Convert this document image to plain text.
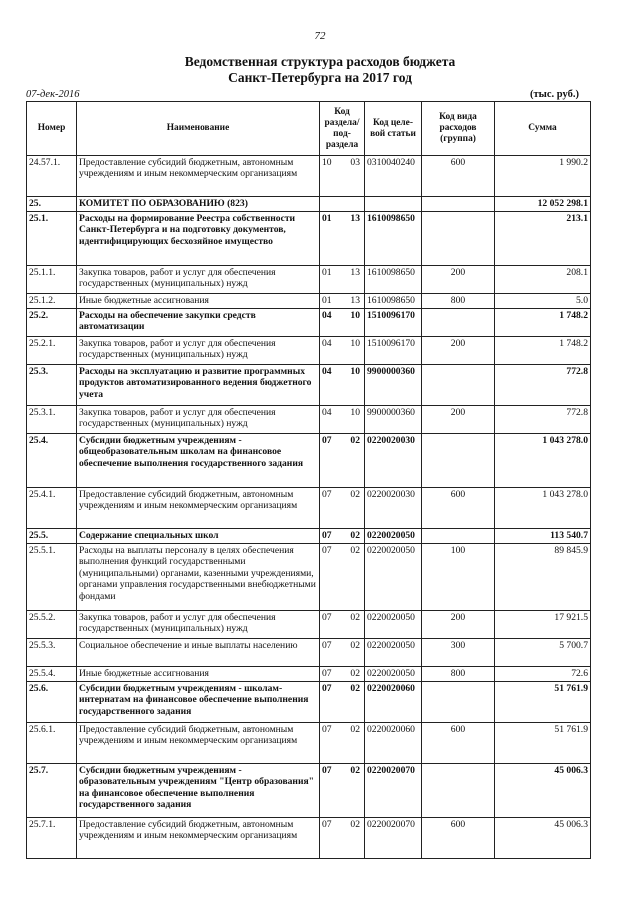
72
Ведомственная структура расходов бюджета
Санкт-Петербурга на 2017 год
07-дек-2016	(тыс. руб.)
Номер	Наименование	Код раздела/ под- раздела	Код целе- вой статьи	Код вида расходов (группа)	Сумма
24.57.1.	Предоставление субсидий бюджетным, автономным учреждениям и иным некоммерческим организациям	10 03	0310040240	600	1 990.2
25.	КОМИТЕТ ПО ОБРАЗОВАНИЮ (823)				12 052 298.1
25.1.	Расходы на формирование Реестра собственности Санкт-Петербурга и на подготовку документов, идентифицирующих бесхозяйное имущество	01 13	1610098650		213.1
25.1.1.	Закупка товаров, работ и услуг для обеспечения государственных (муниципальных) нужд	01 13	1610098650	200	208.1
25.1.2.	Иные бюджетные ассигнования	01 13	1610098650	800	5.0
25.2.	Расходы на обеспечение закупки средств автоматизации	04 10	1510096170		1 748.2
25.2.1.	Закупка товаров, работ и услуг для обеспечения государственных (муниципальных) нужд	04 10	1510096170	200	1 748.2
25.3.	Расходы на эксплуатацию и развитие программных продуктов автоматизированного ведения бюджетного учета	04 10	9900000360		772.8
25.3.1.	Закупка товаров, работ и услуг для обеспечения государственных (муниципальных) нужд	04 10	9900000360	200	772.8
25.4.	Субсидии бюджетным учреждениям - общеобразовательным школам на финансовое обеспечение выполнения государственного задания	07 02	0220020030		1 043 278.0
25.4.1.	Предоставление субсидий бюджетным, автономным учреждениям и иным некоммерческим организациям	07 02	0220020030	600	1 043 278.0
25.5.	Содержание специальных школ	07 02	0220020050		113 540.7
25.5.1.	Расходы на выплаты персоналу в целях обеспечения выполнения функций государственными (муниципальными) органами, казенными учреждениями, органами управления государственными внебюджетными фондами	07 02	0220020050	100	89 845.9
25.5.2.	Закупка товаров, работ и услуг для обеспечения государственных (муниципальных) нужд	07 02	0220020050	200	17 921.5
25.5.3.	Социальное обеспечение и иные выплаты населению	07 02	0220020050	300	5 700.7
25.5.4.	Иные бюджетные ассигнования	07 02	0220020050	800	72.6
25.6.	Субсидии бюджетным учреждениям - школам-интернатам на финансовое обеспечение выполнения государственного задания	07 02	0220020060		51 761.9
25.6.1.	Предоставление субсидий бюджетным, автономным учреждениям и иным некоммерческим организациям	07 02	0220020060	600	51 761.9
25.7.	Субсидии бюджетным учреждениям - образовательным учреждениям "Центр образования" на финансовое обеспечение выполнения государственного задания	07 02	0220020070		45 006.3
25.7.1.	Предоставление субсидий бюджетным, автономным учреждениям и иным некоммерческим организациям	07 02	0220020070	600	45 006.3
